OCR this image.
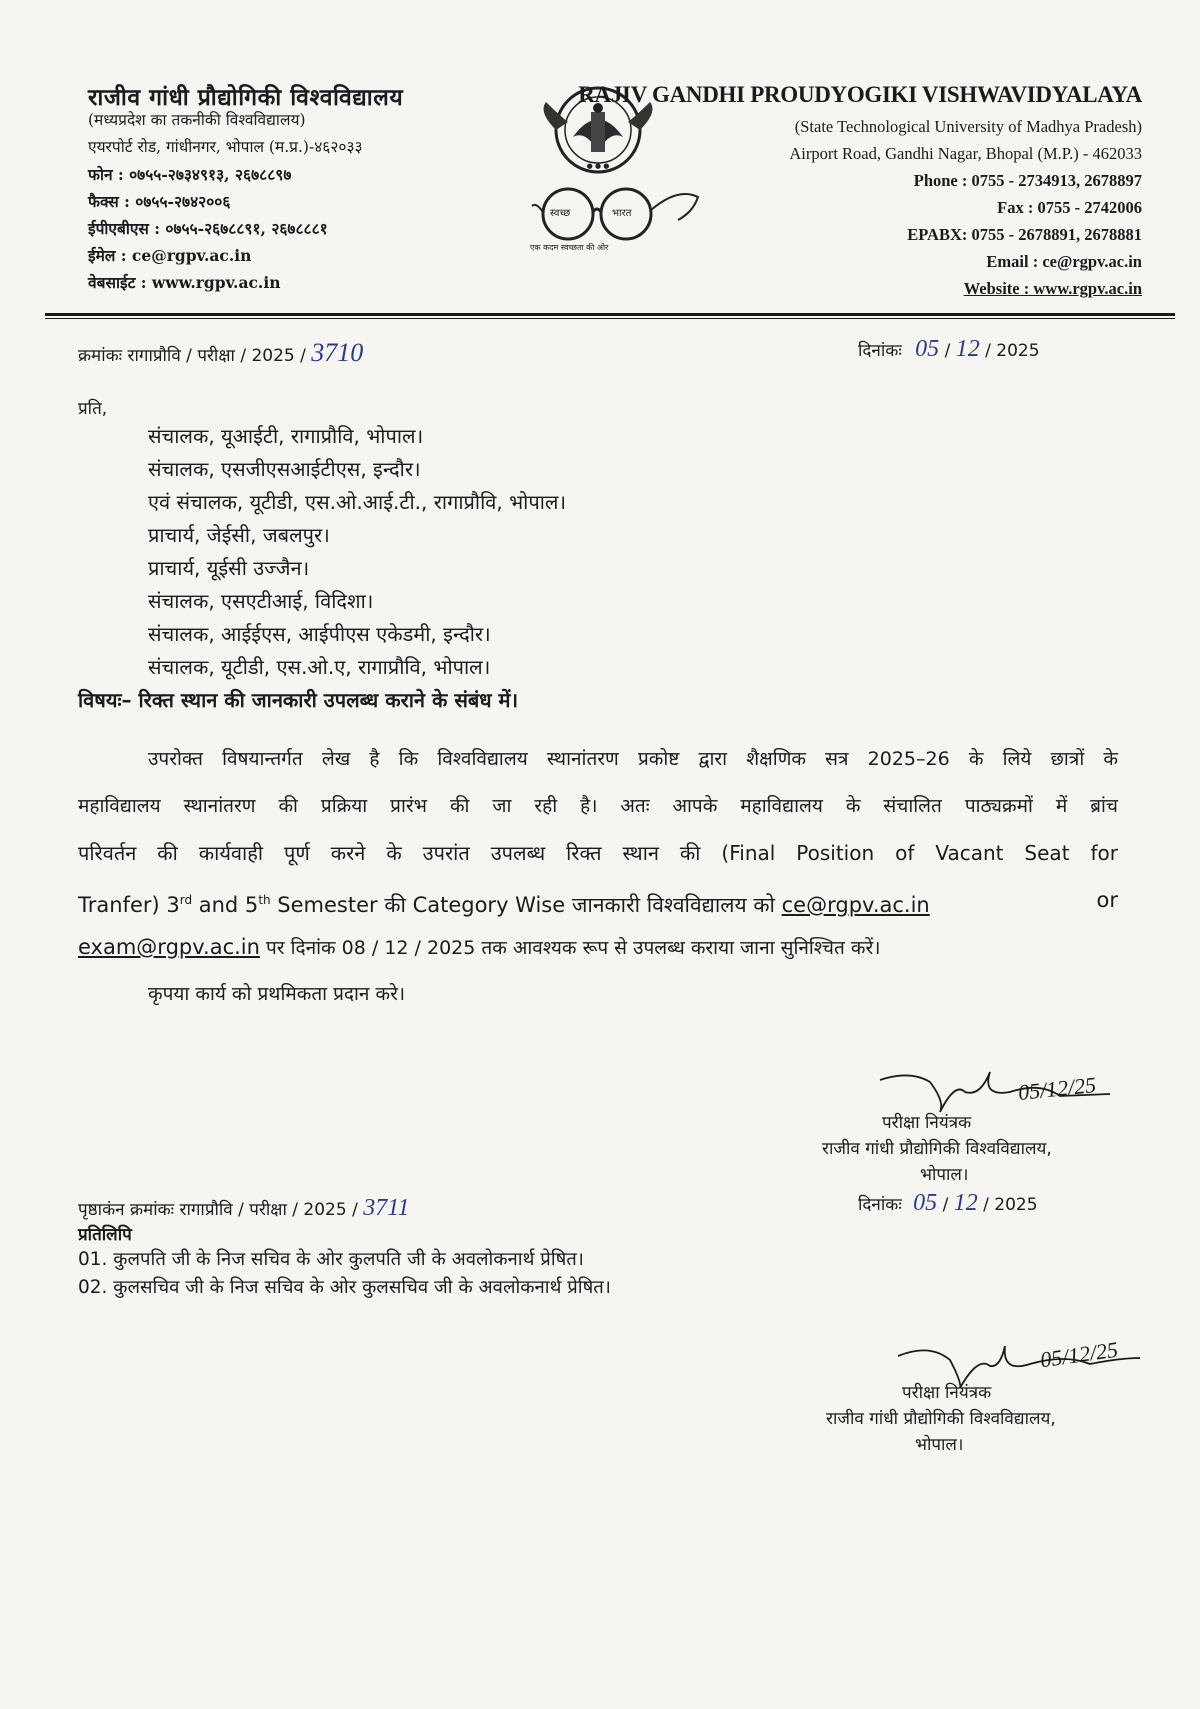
राजीव गांधी प्रौद्योगिकी विश्वविद्यालय
(मध्यप्रदेश का तकनीकी विश्वविद्यालय)
एयरपोर्ट रोड, गांधीनगर, भोपाल (म.प्र.)-४६२०३३
फोन : ०७५५-२७३४९१३, २६७८८९७
फैक्स : ०७५५-२७४२००६
ईपीएबीएस : ०७५५-२६७८८९१, २६७८८८१
ईमेल : ce@rgpv.ac.in
वेबसाईट : www.rgpv.ac.in
● ● ●
स्वच्छ	भारत
एक कदम स्वच्छता की ओर
RAJIV GANDHI PROUDYOGIKI VISHWAVIDYALAYA
(State Technological University of Madhya Pradesh)
Airport Road, Gandhi Nagar, Bhopal (M.P.) - 462033
Phone : 0755 - 2734913, 2678897
Fax : 0755 - 2742006
EPABX: 0755 - 2678891, 2678881
Email : ce@rgpv.ac.in
Website : www.rgpv.ac.in
क्रमांकः रागाप्रौवि / परीक्षा / 2025 / 3710	दिनांकः 05 / 12 / 2025
प्रति,
संचालक, यूआईटी, रागाप्रौवि, भोपाल।
संचालक, एसजीएसआईटीएस, इन्दौर।
एवं संचालक, यूटीडी, एस.ओ.आई.टी., रागाप्रौवि, भोपाल।
प्राचार्य, जेईसी, जबलपुर।
प्राचार्य, यूईसी उज्जैन।
संचालक, एसएटीआई, विदिशा।
संचालक, आईईएस, आईपीएस एकेडमी, इन्दौर।
संचालक, यूटीडी, एस.ओ.ए, रागाप्रौवि, भोपाल।
विषयः– रिक्त स्थान की जानकारी उपलब्ध कराने के संबंध में।
उपरोक्त विषयान्तर्गत लेख है कि विश्वविद्यालय स्थानांतरण प्रकोष्ट द्वारा शैक्षणिक सत्र 2025–26 के लिये छात्रों के
महाविद्यालय स्थानांतरण की प्रक्रिया प्रारंभ की जा रही है। अतः आपके महाविद्यालय के संचालित पाठ्यक्रमों में ब्रांच
परिवर्तन की कार्यवाही पूर्ण करने के उपरांत उपलब्ध रिक्त स्थान की (Final Position of Vacant Seat for
Tranfer) 3rd and 5th Semester की Category Wise जानकारी विश्वविद्यालय को ce@rgpv.ac.in	or
exam@rgpv.ac.in पर दिनांक 08 / 12 / 2025 तक आवश्यक रूप से उपलब्ध कराया जाना सुनिश्चित करें।
कृपया कार्य को प्रथमिकता प्रदान करे।
05/12/25
परीक्षा नियंत्रक
राजीव गांधी प्रौद्योगिकी विश्वविद्यालय,
भोपाल।
दिनांकः 05 / 12 / 2025
पृष्ठाकंन क्रमांकः रागाप्रौवि / परीक्षा / 2025 / 3711
प्रतिलिपि
01. कुलपति जी के निज सचिव के ओर कुलपति जी के अवलोकनार्थ प्रेषित।
02. कुलसचिव जी के निज सचिव के ओर कुलसचिव जी के अवलोकनार्थ प्रेषित।
05/12/25
परीक्षा नियंत्रक
राजीव गांधी प्रौद्योगिकी विश्वविद्यालय,
भोपाल।
